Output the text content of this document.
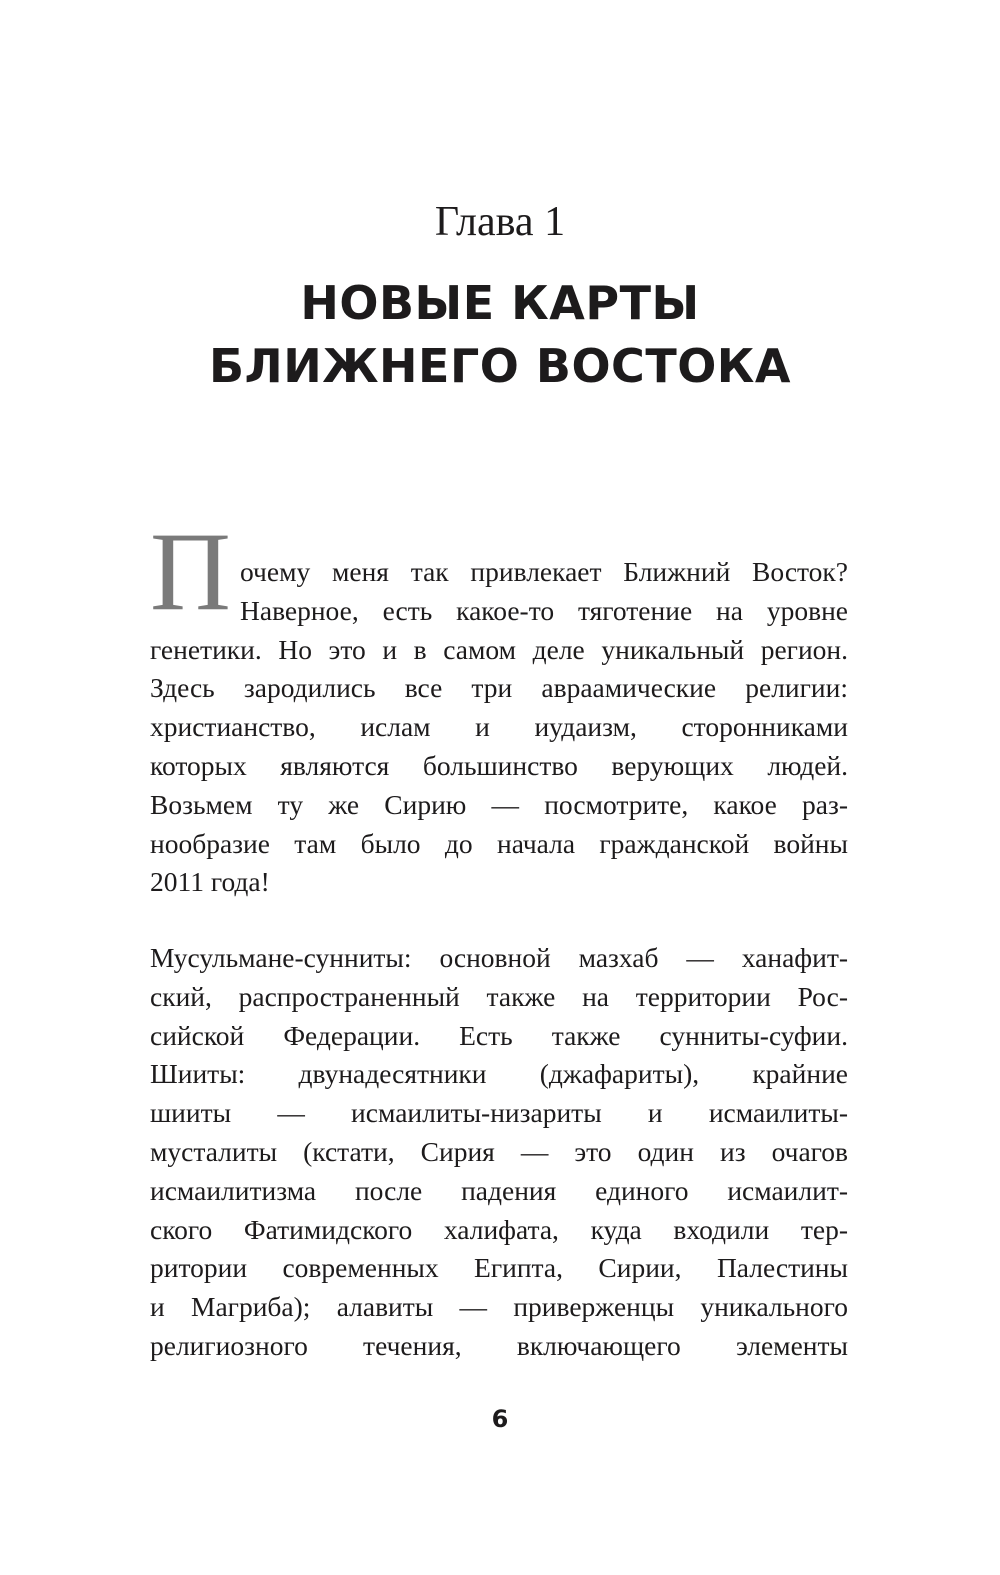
Глава 1
НОВЫЕ КАРТЫ
БЛИЖНЕГО ВОСТОКА
П очему меня так привлекает Ближний Восток?
Наверное, есть какое-то тяготение на уровне
генетики. Но это и в самом деле уникальный регион.
Здесь зародились все три авраамические религии:
христианство, ислам и иудаизм, сторонниками
которых являются большинство верующих людей.
Возьмем ту же Сирию — посмотрите, какое раз-
нообразие там было до начала гражданской войны
2011 года!
Мусульмане-сунниты: основной мазхаб — ханафит-
ский, распространенный также на территории Рос-
сийской Федерации. Есть также сунниты-суфии.
Шииты: двунадесятники (джафариты), крайние
шииты — исмаилиты-низариты и исмаилиты-
мусталиты (кстати, Сирия — это один из очагов
исмаилитизма после падения единого исмаилит-
ского Фатимидского халифата, куда входили тер-
ритории современных Египта, Сирии, Палестины
и Магриба); алавиты — приверженцы уникального
религиозного течения, включающего элементы
6
